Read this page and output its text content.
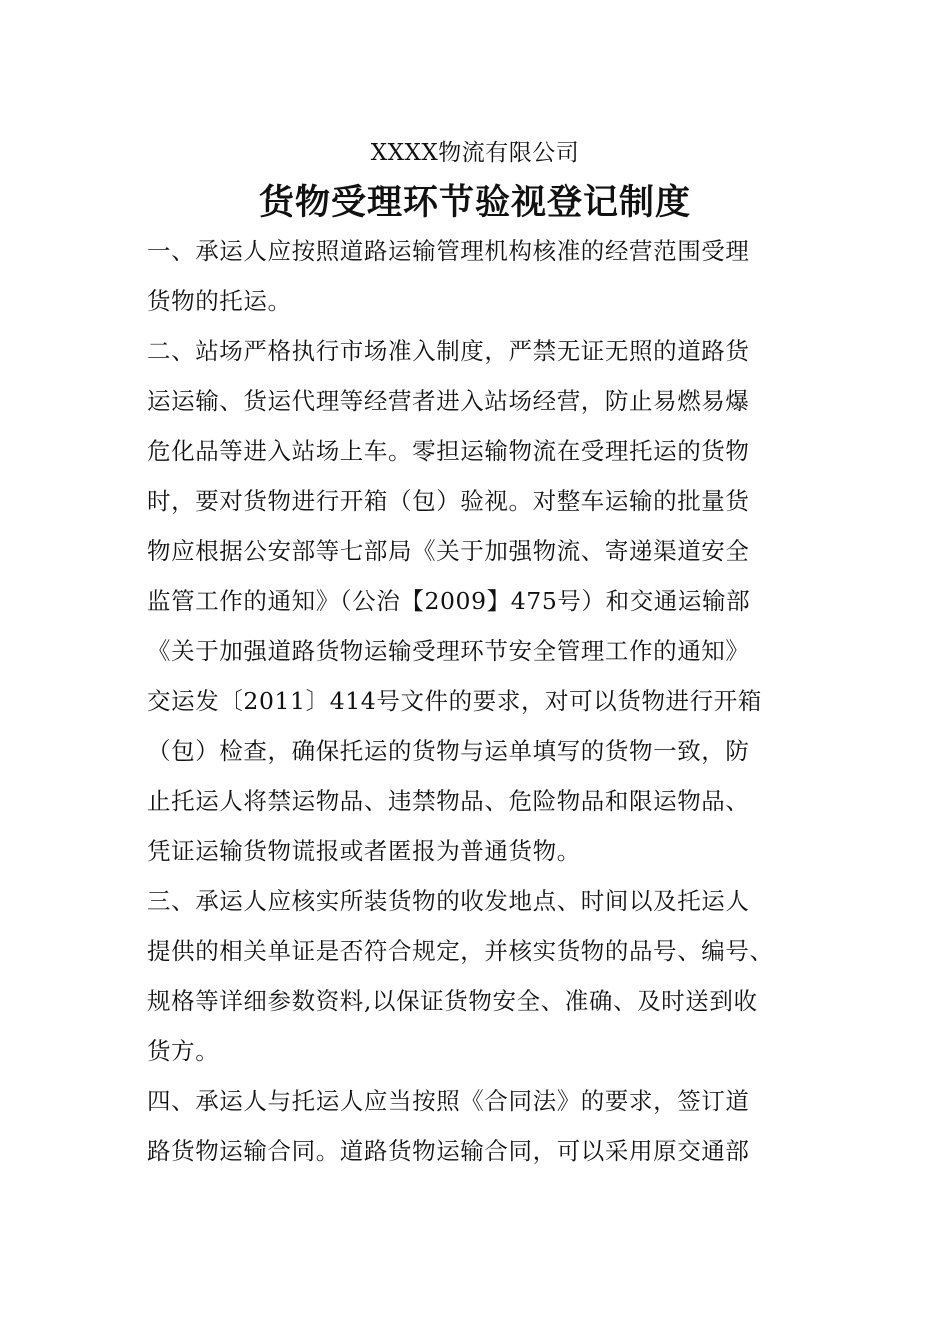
XXXX物流有限公司
货物受理环节验视登记制度
一、承运人应按照道路运输管理机构核准的经营范围受理
货物的托运。
二、站场严格执行市场准入制度，严禁无证无照的道路货
运运输、货运代理等经营者进入站场经营，防止易燃易爆
危化品等进入站场上车。零担运输物流在受理托运的货物
时，要对货物进行开箱（包）验视。对整车运输的批量货
物应根据公安部等七部局《关于加强物流、寄递渠道安全
监管工作的通知》（公治【2009】475号）和交通运输部
《关于加强道路货物运输受理环节安全管理工作的通知》
交运发〔2011〕414号文件的要求，对可以货物进行开箱
（包）检查，确保托运的货物与运单填写的货物一致，防
止托运人将禁运物品、违禁物品、危险物品和限运物品、
凭证运输货物谎报或者匿报为普通货物。
三、承运人应核实所装货物的收发地点、时间以及托运人
提供的相关单证是否符合规定，并核实货物的品号、编号、
规格等详细参数资料,以保证货物安全、准确、及时送到收
货方。
四、承运人与托运人应当按照《合同法》的要求，签订道
路货物运输合同。道路货物运输合同，可以采用原交通部
